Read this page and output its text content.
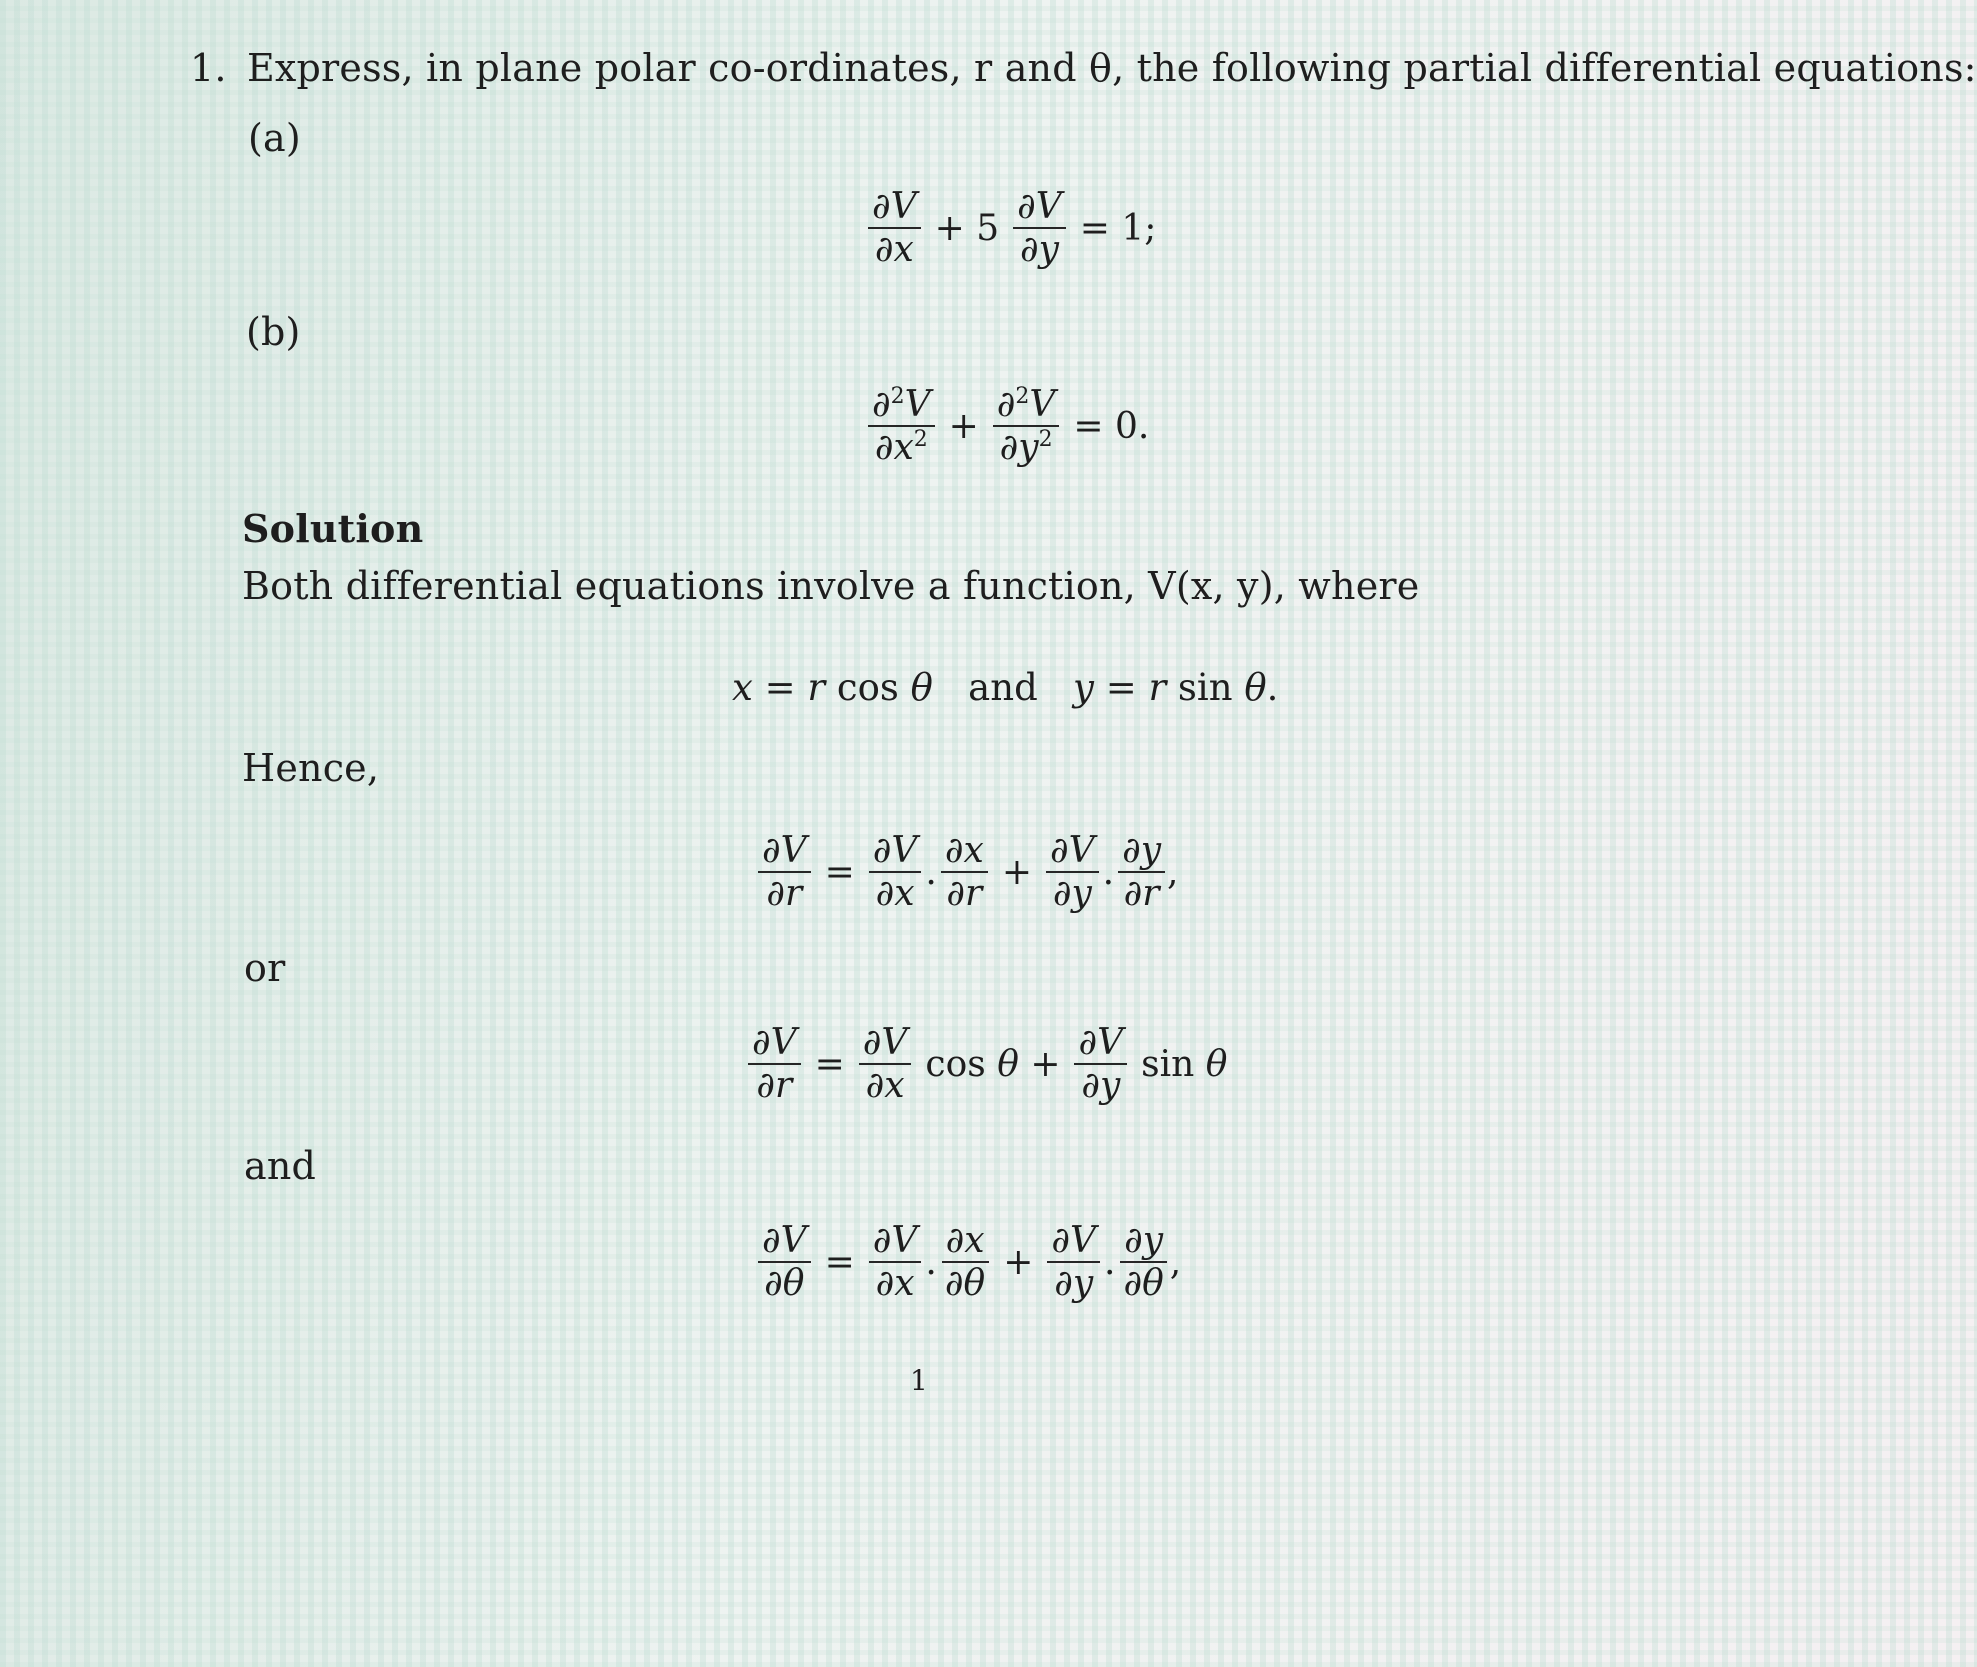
1. Express, in plane polar co-ordinates, r and θ, the following partial differential equations:
(a)
$\frac{\partial V}{\partial x} + 5 \frac{\partial V}{\partial y} = 1$;
(b)
$\frac{\partial^2V}{\partial x^2} + \frac{\partial^2V}{\partial y^2} = 0$.
Solution
Both differential equations involve a function, V(x, y), where
x = r cos θ   and   y = r sin θ.
Hence,
$\frac{\partial V}{\partial r} = \frac{\partial V}{\partial x}$ . $\frac{\partial x}{\partial r} + \frac{\partial V}{\partial y}$ . $\frac{\partial y}{\partial r}$ ,
or
$\frac{\partial V}{\partial r} = \frac{\partial V}{\partial x}$ $\cos \theta + \frac{\partial V}{\partial y}$ sin θ
and
$\frac{\partial V}{\partial\theta} = \frac{\partial V}{\partial x}$ . $\frac{\partial x}{\partial\theta} + \frac{\partial V}{\partial y}$ . $\frac{\partial y}{\partial\theta}$ ,
1
